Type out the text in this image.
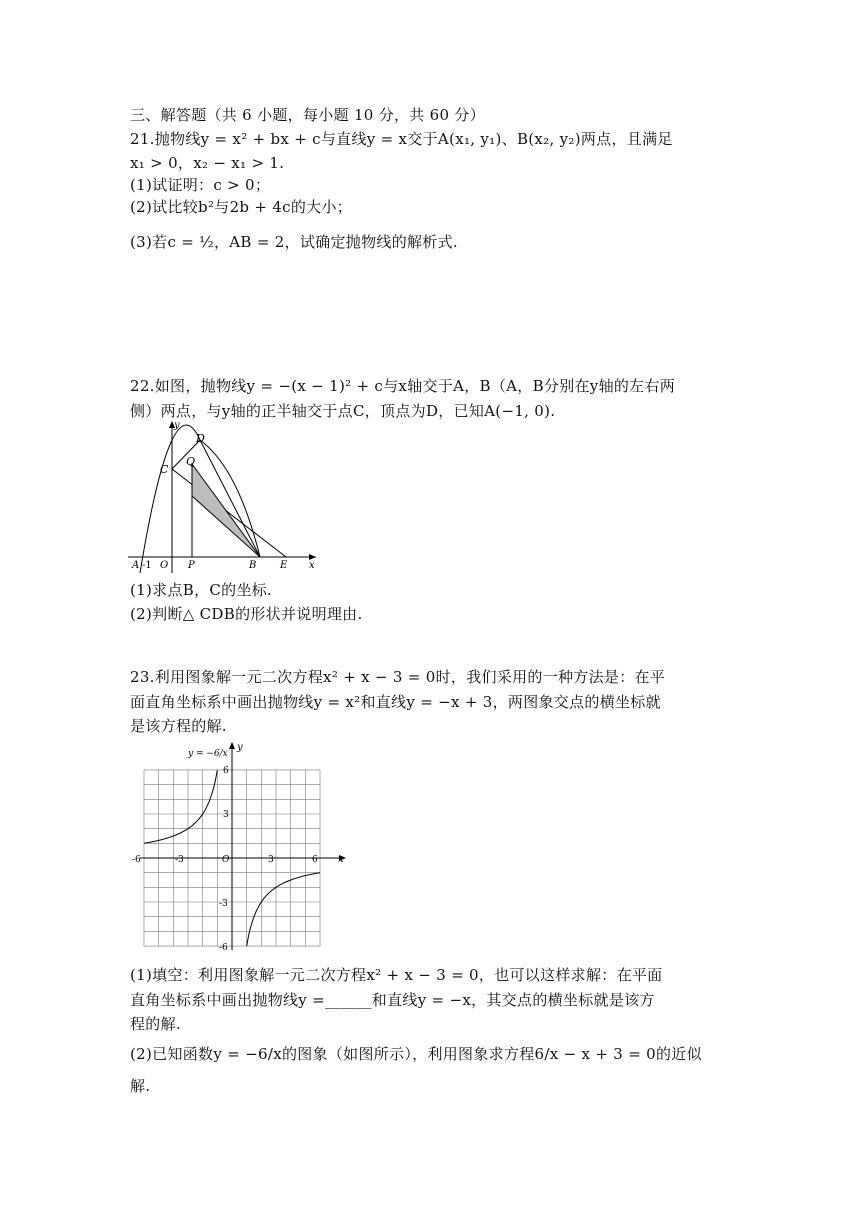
三、解答题（共 6 小题，每小题 10 分，共 60 分）
21.抛物线y = x² + bx + c与直线y = x交于A(x₁, y₁)、B(x₂, y₂)两点，且满足
x₁ > 0，x₂ − x₁ > 1.
(1)试证明：c > 0；
(2)试比较b²与2b + 4c的大小；
(3)若c = ½，AB = 2，试确定抛物线的解析式.
22.如图，抛物线y = −(x − 1)² + c与x轴交于A，B（A，B分别在y轴的左右两
侧）两点，与y轴的正半轴交于点C，顶点为D，已知A(−1, 0).
y
x
D
Q
C
A -1 O P	B E
(1)求点B，C的坐标.
(2)判断△ CDB的形状并说明理由.
23.利用图象解一元二次方程x² + x − 3 = 0时，我们采用的一种方法是：在平
面直角坐标系中画出抛物线y = x²和直线y = −x + 3，两图象交点的横坐标就
是该方程的解.
y = −6/x
y
x
-6	-3	O	3	6
6
3
-3
-6
(1)填空：利用图象解一元二次方程x² + x − 3 = 0，也可以这样求解：在平面
直角坐标系中画出抛物线y =______和直线y = −x，其交点的横坐标就是该方
程的解.
(2)已知函数y = −6/x的图象（如图所示），利用图象求方程6/x − x + 3 = 0的近似
解.
